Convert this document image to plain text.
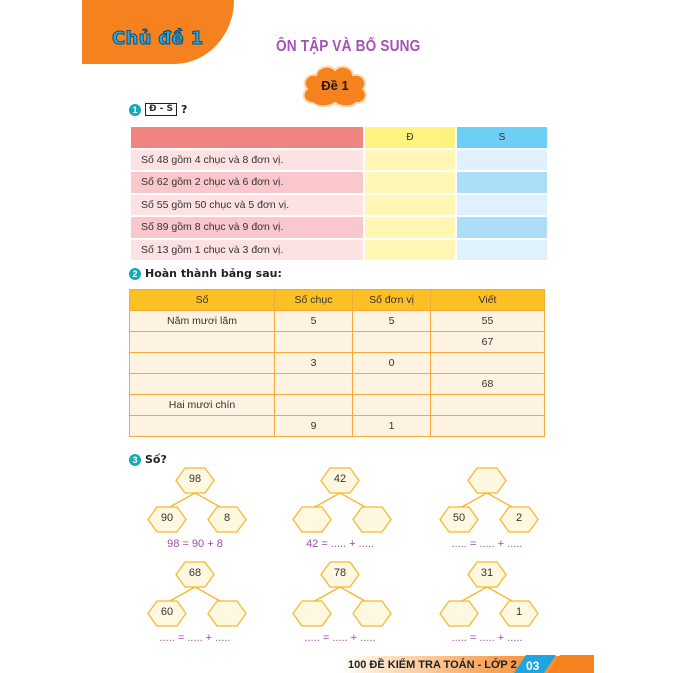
Chủ đề 1	ÔN TẬP VÀ BỔ SUNG
Đề 1
1	Đ - S ?
	Đ	S
Số 48 gồm 4 chục và 8 đơn vị.		
Số 62 gồm 2 chục và 6 đơn vị.		
Số 55 gồm 50 chục và 5 đơn vị.		
Số 89 gồm 8 chục và 9 đơn vị.		
Số 13 gồm 1 chục và 3 đơn vị.		
2 Hoàn thành bảng sau:
Số	Số chục	Số đơn vị	Viết
Năm mươi lăm	5	5	55
			67
	3	0	
			68
Hai mươi chín			
	9	1	
3 Số?
98
90	8
98 = 90 + 8
42
42 = ..... + .....
50	2
..... = ..... + .....
68
60
..... = ..... + .....
78
..... = ..... + .....
31
1
..... = ..... + .....
100 ĐỀ KIỂM TRA TOÁN - LỚP 2 03
